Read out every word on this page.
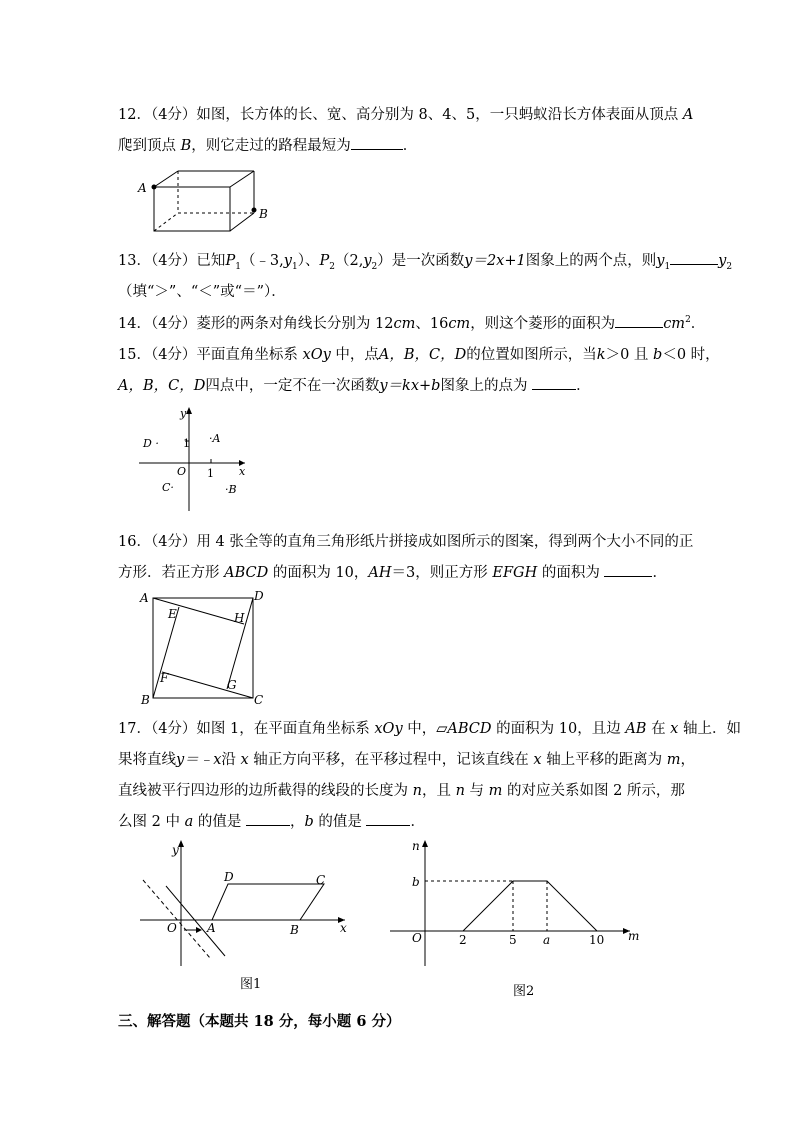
12．（4分）如图，长方体的长、宽、高分别为 8、4、5，一只蚂蚁沿长方体表面从顶点 A
爬到顶点 B，则它走过的路程最短为	．
A
B
13．（4分）已知$P_1(﹣3,y_1)$、$P_2(2,y_2)$是一次函数y＝2x+1图象上的两个点，则$y_1$	$y_2$
（填“＞”、“＜”或“＝”）．
14．（4分）菱形的两条对角线长分别为 12cm、16cm，则这个菱形的面积为	$cm^2$．
15．（4分）平面直角坐标系 xOy 中，点A，B，C，D的位置如图所示，当k＞0 且 b＜0 时，
A，B，C，D四点中，一定不在一次函数y＝kx+b图象上的点为	．
y
x
O
1
1
·A
·B
C·
D ·
16．（4分）用 4 张全等的直角三角形纸片拼接成如图所示的图案，得到两个大小不同的正
方形．若正方形 ABCD 的面积为 10，AH＝3，则正方形 EFGH 的面积为	．
A
B	C
D
E
F	G
H
17．（4分）如图 1，在平面直角坐标系 xOy 中，▱ABCD 的面积为 10，且边 AB 在 x 轴上．如
果将直线y＝﹣x沿 x 轴正方向平移，在平移过程中，记该直线在 x 轴上平移的距离为 m，
直线被平行四边形的边所截得的线段的长度为 n，且 n 与 m 的对应关系如图 2 所示，那
么图 2 中 a 的值是	，b 的值是	．
y
x
O	A	B
C
D
图1
n
m
O
b
2	5 a	10
图2
三、解答题（本题共 18 分，每小题 6 分）
